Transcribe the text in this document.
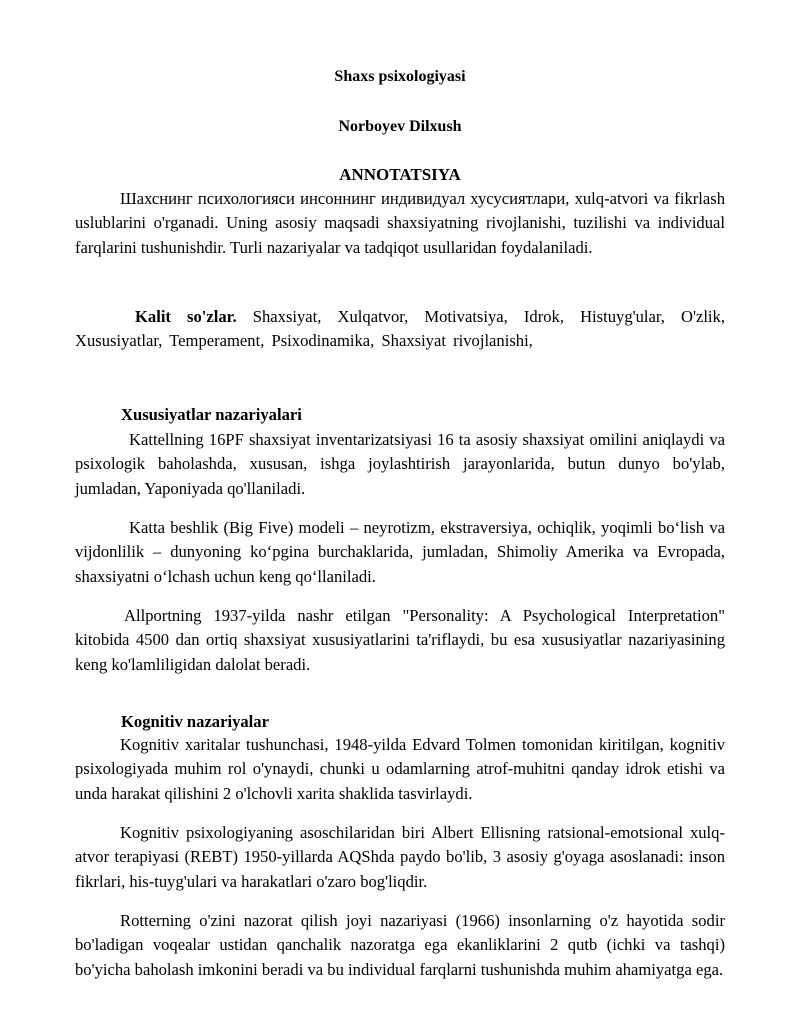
Shaxs psixologiyasi
Norboyev Dilxush
ANNOTATSIYA

Шахснинг психологияси инсоннинг индивидуал хусусиятлари, xulq-atvori va fikrlash uslublarini o'rganadi. Uning asosiy maqsadi shaxsiyatning rivojlanishi, tuzilishi va individual farqlarini tushunishdir. Turli nazariyalar va tadqiqot usullaridan foydalaniladi.

Kalit so'zlar. Shaxsiyat, Xulqatvor, Motivatsiya, Idrok, Histuyg'ular, O'zlik, Xususiyatlar, Temperament, Psixodinamika, Shaxsiyat rivojlanishi,

Xususiyatlar nazariyalari

Kattellning 16PF shaxsiyat inventarizatsiyasi 16 ta asosiy shaxsiyat omilini aniqlaydi va psixologik baholashda, xususan, ishga joylashtirish jarayonlarida, butun dunyo bo'ylab, jumladan, Yaponiyada qo'llaniladi.

Katta beshlik (Big Five) modeli – neyrotizm, ekstraversiya, ochiqlik, yoqimli bo‘lish va vijdonlilik – dunyoning ko‘pgina burchaklarida, jumladan, Shimoliy Amerika va Evropada, shaxsiyatni o‘lchash uchun keng qo‘llaniladi.

Allportning 1937-yilda nashr etilgan "Personality: A Psychological Interpretation" kitobida 4500 dan ortiq shaxsiyat xususiyatlarini ta'riflaydi, bu esa xususiyatlar nazariyasining keng ko'lamliligidan dalolat beradi.

Kognitiv nazariyalar

Kognitiv xaritalar tushunchasi, 1948-yilda Edvard Tolmen tomonidan kiritilgan, kognitiv psixologiyada muhim rol o'ynaydi, chunki u odamlarning atrof-muhitni qanday idrok etishi va unda harakat qilishini 2 o'lchovli xarita shaklida tasvirlaydi.

Kognitiv psixologiyaning asoschilaridan biri Albert Ellisning ratsional-emotsional xulq-atvor terapiyasi (REBT) 1950-yillarda AQShda paydo bo'lib, 3 asosiy g'oyaga asoslanadi: inson fikrlari, his-tuyg'ulari va harakatlari o'zaro bog'liqdir.

Rotterning o'zini nazorat qilish joyi nazariyasi (1966) insonlarning o'z hayotida sodir bo'ladigan voqealar ustidan qanchalik nazoratga ega ekanliklarini 2 qutb (ichki va tashqi) bo'yicha baholash imkonini beradi va bu individual farqlarni tushunishda muhim ahamiyatga ega.
